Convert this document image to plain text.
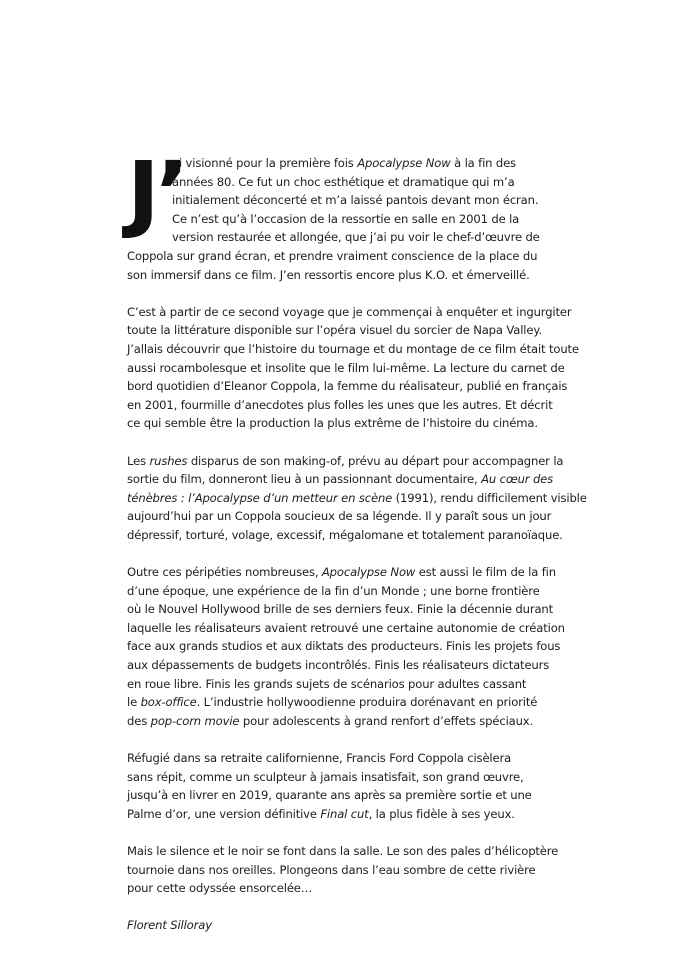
J’
ai visionné pour la première fois Apocalypse Now à la fin des
années 80. Ce fut un choc esthétique et dramatique qui m’a
initialement déconcerté et m’a laissé pantois devant mon écran.
Ce n’est qu’à l’occasion de la ressortie en salle en 2001 de la
version restaurée et allongée, que j’ai pu voir le chef-d’œuvre de
Coppola sur grand écran, et prendre vraiment conscience de la place du
son immersif dans ce film. J’en ressortis encore plus K.O. et émerveillé.
C’est à partir de ce second voyage que je commençai à enquêter et ingurgiter
toute la littérature disponible sur l’opéra visuel du sorcier de Napa Valley.
J’allais découvrir que l’histoire du tournage et du montage de ce film était toute
aussi rocambolesque et insolite que le film lui-même. La lecture du carnet de
bord quotidien d’Eleanor Coppola, la femme du réalisateur, publié en français
en 2001, fourmille d’anecdotes plus folles les unes que les autres. Et décrit
ce qui semble être la production la plus extrême de l’histoire du cinéma.
Les rushes disparus de son making-of, prévu au départ pour accompagner la
sortie du film, donneront lieu à un passionnant documentaire, Au cœur des
ténèbres : l’Apocalypse d’un metteur en scène (1991), rendu difficilement visible
aujourd’hui par un Coppola soucieux de sa légende. Il y paraît sous un jour
dépressif, torturé, volage, excessif, mégalomane et totalement paranoïaque.
Outre ces péripéties nombreuses, Apocalypse Now est aussi le film de la fin
d’une époque, une expérience de la fin d’un Monde ; une borne frontière
où le Nouvel Hollywood brille de ses derniers feux. Finie la décennie durant
laquelle les réalisateurs avaient retrouvé une certaine autonomie de création
face aux grands studios et aux diktats des producteurs. Finis les projets fous
aux dépassements de budgets incontrôlés. Finis les réalisateurs dictateurs
en roue libre. Finis les grands sujets de scénarios pour adultes cassant
le box-office. L’industrie hollywoodienne produira dorénavant en priorité
des pop-corn movie pour adolescents à grand renfort d’effets spéciaux.
Réfugié dans sa retraite californienne, Francis Ford Coppola cisèlera
sans répit, comme un sculpteur à jamais insatisfait, son grand œuvre,
jusqu’à en livrer en 2019, quarante ans après sa première sortie et une
Palme d’or, une version définitive Final cut, la plus fidèle à ses yeux.
Mais le silence et le noir se font dans la salle. Le son des pales d’hélicoptère
tournoie dans nos oreilles. Plongeons dans l’eau sombre de cette rivière
pour cette odyssée ensorcelée…
Florent Silloray
